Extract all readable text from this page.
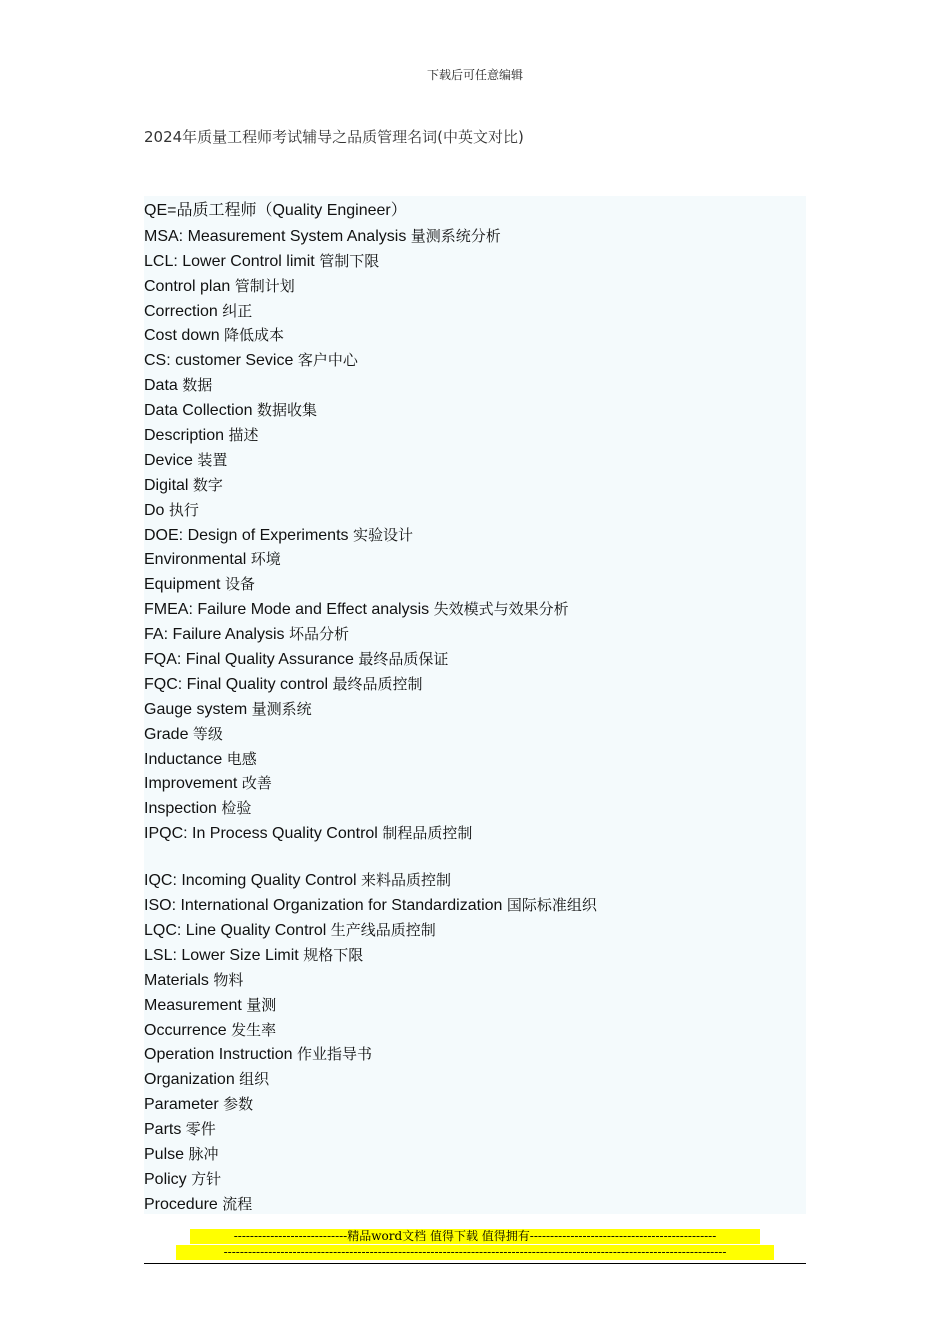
下载后可任意编辑
2024年质量工程师考试辅导之品质管理名词(中英文对比)
QE=品质工程师（Quality Engineer）
MSA: Measurement System Analysis 量测系统分析
LCL: Lower Control limit 管制下限
Control plan 管制计划
Correction 纠正
Cost down 降低成本
CS: customer Sevice 客户中心
Data 数据
Data Collection 数据收集
Description 描述
Device 装置
Digital 数字
Do 执行
DOE: Design of Experiments 实验设计
Environmental 环境
Equipment 设备
FMEA: Failure Mode and Effect analysis 失效模式与效果分析
FA: Failure Analysis 坏品分析
FQA: Final Quality Assurance 最终品质保证
FQC: Final Quality control 最终品质控制
Gauge system 量测系统
Grade 等级
Inductance 电感
Improvement 改善
Inspection 检验
IPQC: In Process Quality Control 制程品质控制
IQC: Incoming Quality Control 来料品质控制
ISO: International Organization for Standardization 国际标准组织
LQC: Line Quality Control 生产线品质控制
LSL: Lower Size Limit 规格下限
Materials 物料
Measurement 量测
Occurrence 发生率
Operation Instruction 作业指导书
Organization 组织
Parameter 参数
Parts 零件
Pulse 脉冲
Policy 方针
Procedure 流程
----------------------------精品word文档 值得下载 值得拥有----------------------------------------------
----------------------------------------------------------------------------------------------------------------------------
